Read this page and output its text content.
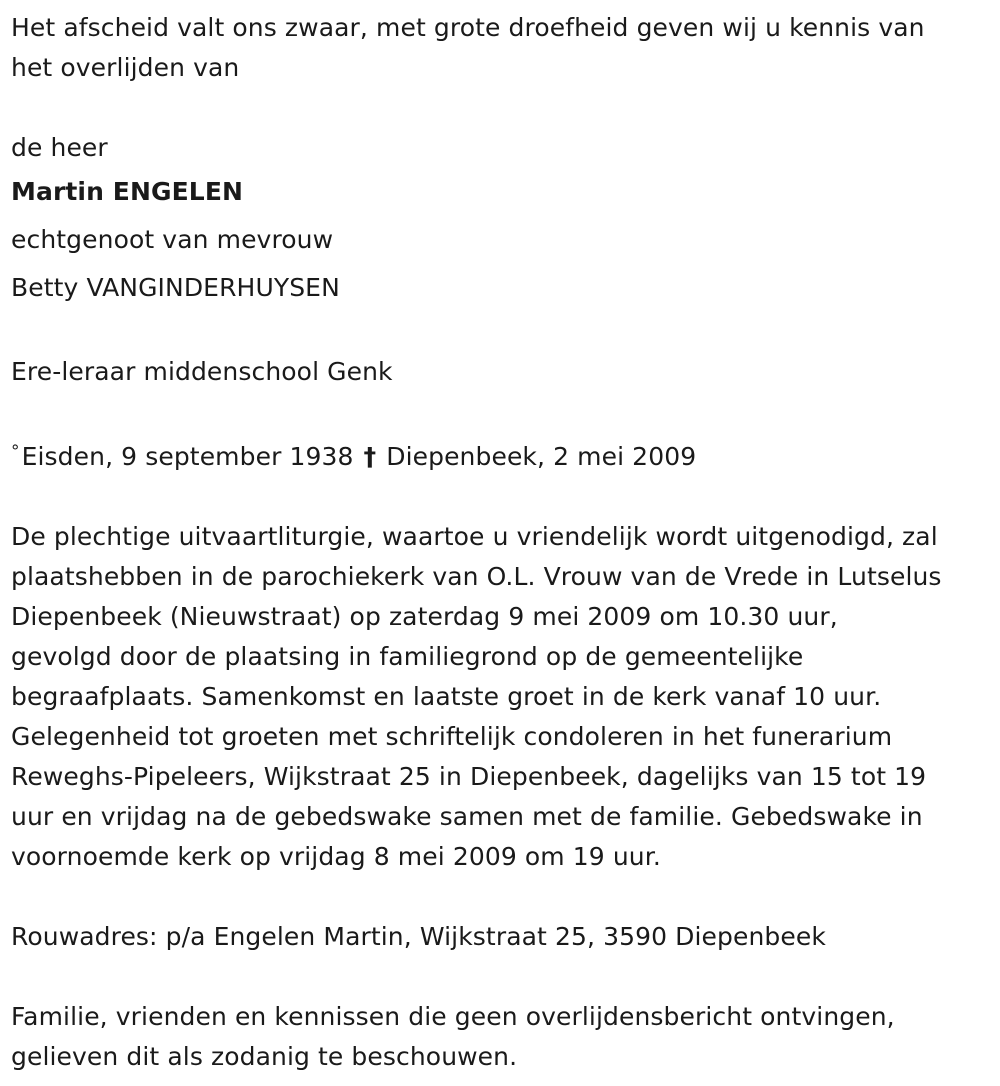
Het afscheid valt ons zwaar, met grote droefheid geven wij u kennis van

het overlijden van

de heer

Martin ENGELEN

echtgenoot van mevrouw

Betty VANGINDERHUYSEN

Ere-leraar middenschool Genk

°Eisden, 9 september 1938 † Diepenbeek, 2 mei 2009

De plechtige uitvaartliturgie, waartoe u vriendelijk wordt uitgenodigd, zal

plaatshebben in de parochiekerk van O.L. Vrouw van de Vrede in Lutselus

Diepenbeek (Nieuwstraat) op zaterdag 9 mei 2009 om 10.30 uur,

gevolgd door de plaatsing in familiegrond op de gemeentelijke

begraafplaats. Samenkomst en laatste groet in de kerk vanaf 10 uur.

Gelegenheid tot groeten met schriftelijk condoleren in het funerarium

Reweghs-Pipeleers, Wijkstraat 25 in Diepenbeek, dagelijks van 15 tot 19

uur en vrijdag na de gebedswake samen met de familie. Gebedswake in

voornoemde kerk op vrijdag 8 mei 2009 om 19 uur.

Rouwadres: p/a Engelen Martin, Wijkstraat 25, 3590 Diepenbeek

Familie, vrienden en kennissen die geen overlijdensbericht ontvingen,

gelieven dit als zodanig te beschouwen.
